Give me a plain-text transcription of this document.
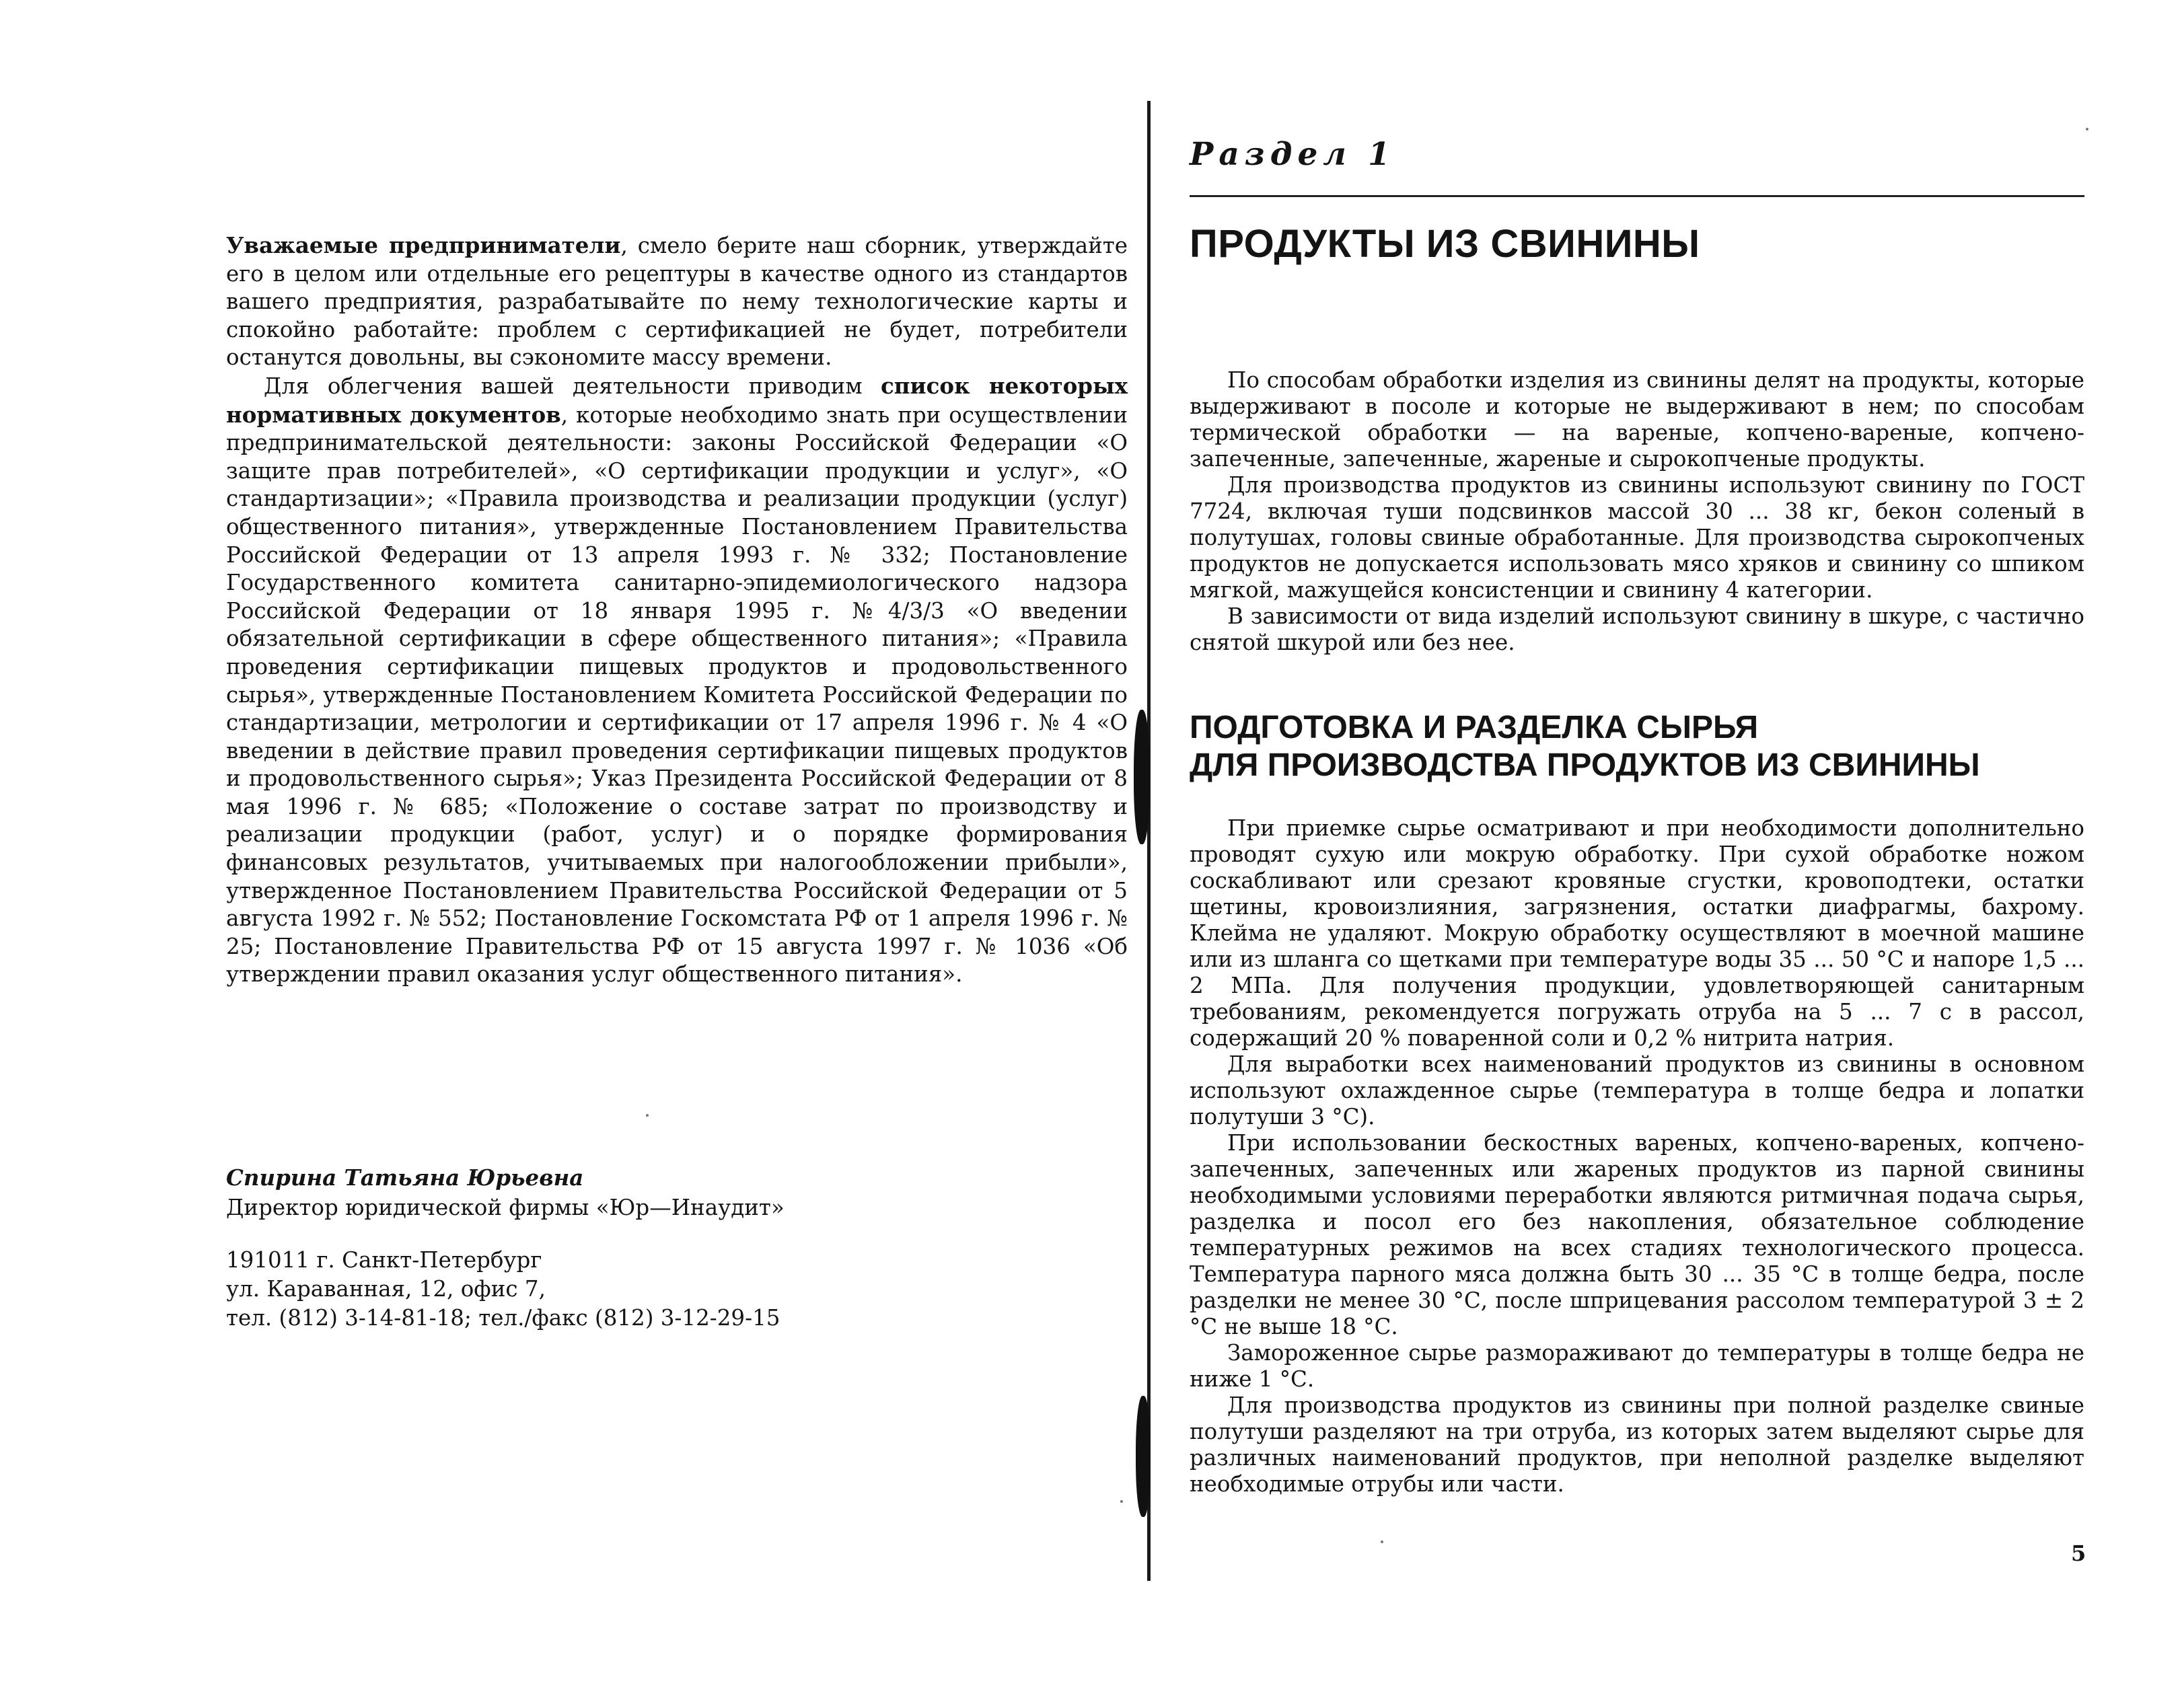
Уважаемые предприниматели, смело берите наш сборник, утверждайте его в целом или отдельные его рецептуры в качестве одного из стандартов вашего предприятия, разрабатывайте по нему технологические карты и спокойно работайте: проблем с сертификацией не будет, потребители останутся довольны, вы сэкономите массу времени.

Для облегчения вашей деятельности приводим список некоторых нормативных документов, которые необходимо знать при осуществлении предпринимательской деятельности: законы Российской Федерации «О защите прав потребителей», «О сертификации продукции и услуг», «О стандартизации»; «Правила производства и реализации продукции (услуг) общественного питания», утвержденные Постановлением Правительства Российской Федерации от 13 апреля 1993 г. № 332; Постановление Государственного комитета санитарно-эпидемиологического надзора Российской Федерации от 18 января 1995 г. №4/3/3 «О введении обязательной сертификации в сфере общественного питания»; «Правила проведения сертификации пищевых продуктов и продовольственного сырья», утвержденные Постановлением Комитета Российской Федерации по стандартизации, метрологии и сертификации от 17 апреля 1996 г. № 4 «О введении в действие правил проведения сертификации пищевых продуктов и продовольственного сырья»; Указ Президента Российской Федерации от 8 мая 1996 г. № 685; «Положение о составе затрат по производству и реализации продукции (работ, услуг) и о порядке формирования финансовых результатов, учитываемых при налогообложении прибыли», утвержденное Постановлением Правительства Российской Федерации от 5 августа 1992 г. № 552; Постановление Госкомстата РФ от 1 апреля 1996 г. № 25; Постановление Правительства РФ от 15 августа 1997 г. № 1036 «Об утверждении правил оказания услуг общественного питания».

Спирина Татьяна Юрьевна

Директор юридической фирмы «Юр—Инаудит»

191011 г. Санкт-Петербург

ул. Караванная, 12, офис 7,

тел. (812) 3-14-81-18; тел./факс (812) 3-12-29-15

Раздел 1

ПРОДУКТЫ ИЗ СВИНИНЫ

По способам обработки изделия из свинины делят на продукты, которые выдерживают в посоле и которые не выдерживают в нем; по способам термической обработки — на вареные, копчено-вареные, копчено-запеченные, запеченные, жареные и сырокопченые продукты.

Для производства продуктов из свинины используют свинину по ГОСТ 7724, включая туши подсвинков массой 30 ... 38 кг, бекон соленый в полутушах, головы свиные обработанные. Для производства сырокопченых продуктов не допускается использовать мясо хряков и свинину со шпиком мягкой, мажущейся консистенции и свинину 4 категории.

В зависимости от вида изделий используют свинину в шкуре, с частично снятой шкурой или без нее.

ПОДГОТОВКА И РАЗДЕЛКА СЫРЬЯ
ДЛЯ ПРОИЗВОДСТВА ПРОДУКТОВ ИЗ СВИНИНЫ

При приемке сырье осматривают и при необходимости дополнительно проводят сухую или мокрую обработку. При сухой обработке ножом соскабливают или срезают кровяные сгустки, кровоподтеки, остатки щетины, кровоизлияния, загрязнения, остатки диафрагмы, бахрому. Клейма не удаляют. Мокрую обработку осуществляют в моечной машине или из шланга со щетками при температуре воды 35 ... 50 °С и напоре 1,5 ... 2 МПа. Для получения продукции, удовлетворяющей санитарным требованиям, рекомендуется погружать отруба на 5 ... 7 с в рассол, содержащий 20 % поваренной соли и 0,2 % нитрита натрия.

Для выработки всех наименований продуктов из свинины в основном используют охлажденное сырье (температура в толще бедра и лопатки полутуши 3 °С).

При использовании бескостных вареных, копчено-вареных, копчено-запеченных, запеченных или жареных продуктов из парной свинины необходимыми условиями переработки являются ритмичная подача сырья, разделка и посол его без накопления, обязательное соблюдение температурных режимов на всех стадиях технологического процесса. Температура парного мяса должна быть 30 ... 35 °С в толще бедра, после разделки не менее 30 °С, после шприцевания рассолом температурой 3 ± 2 °С не выше 18 °С.

Замороженное сырье размораживают до температуры в толще бедра не ниже 1 °С.

Для производства продуктов из свинины при полной разделке свиные полутуши разделяют на три отруба, из которых затем выделяют сырье для различных наименований продуктов, при неполной разделке выделяют необходимые отрубы или части.

5
